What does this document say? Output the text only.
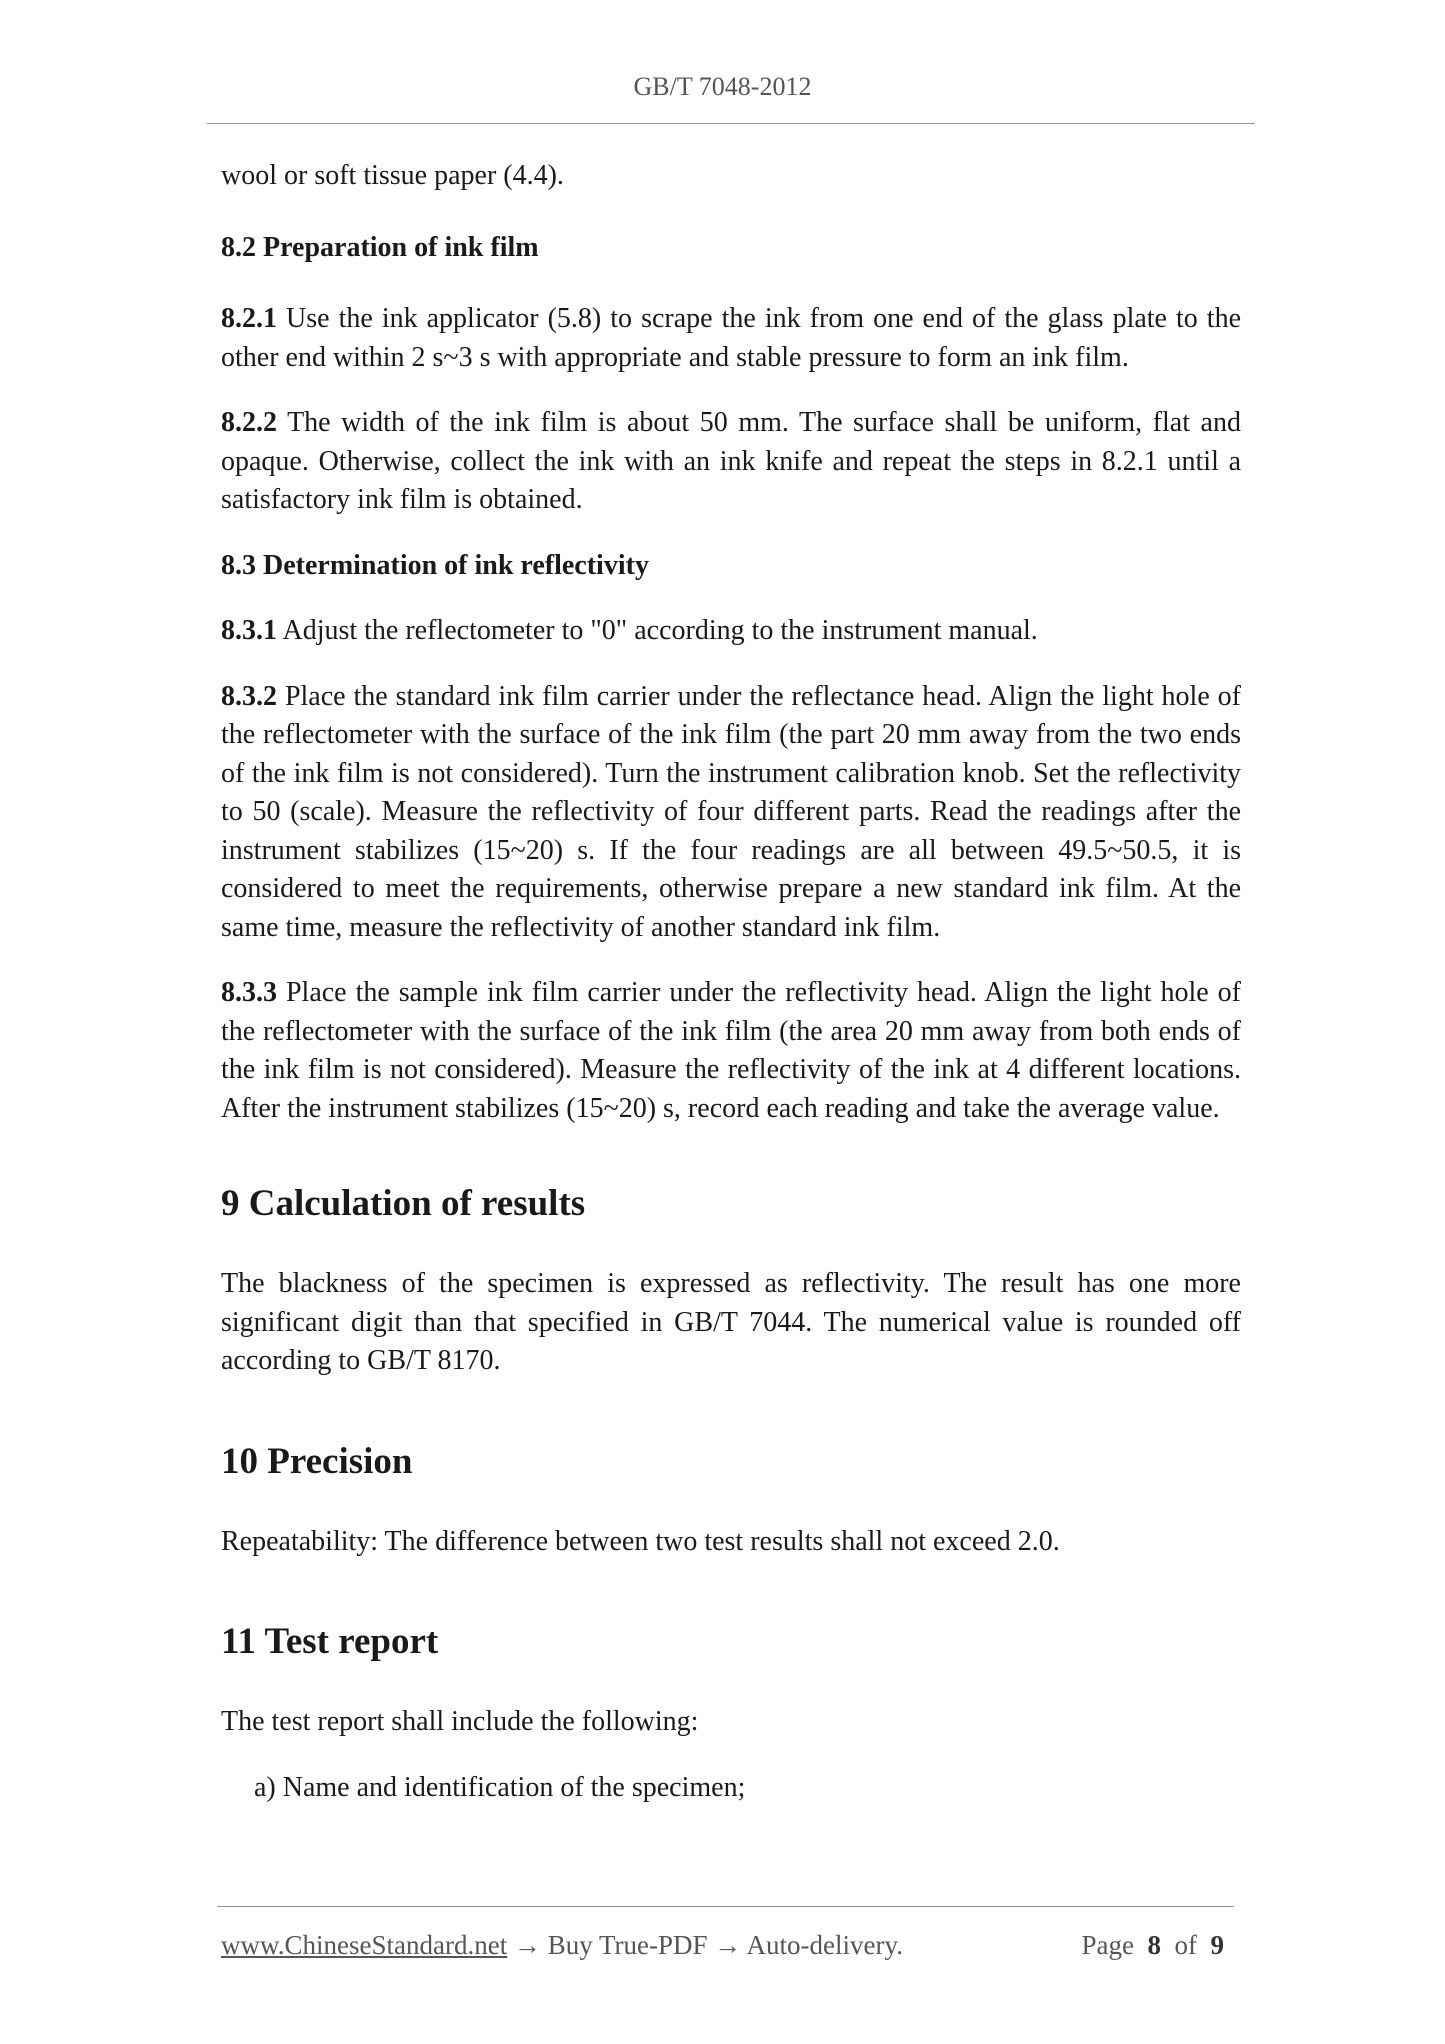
GB/T 7048-2012

wool or soft tissue paper (4.4).

8.2 Preparation of ink film

8.2.1 Use the ink applicator (5.8) to scrape the ink from one end of the glass plate to the other end within 2 s~3 s with appropriate and stable pressure to form an ink film.

8.2.2 The width of the ink film is about 50 mm. The surface shall be uniform, flat and opaque. Otherwise, collect the ink with an ink knife and repeat the steps in 8.2.1 until a satisfactory ink film is obtained.

8.3 Determination of ink reflectivity

8.3.1 Adjust the reflectometer to "0" according to the instrument manual.

8.3.2 Place the standard ink film carrier under the reflectance head. Align the light hole of the reflectometer with the surface of the ink film (the part 20 mm away from the two ends of the ink film is not considered). Turn the instrument calibration knob. Set the reflectivity to 50 (scale). Measure the reflectivity of four different parts. Read the readings after the instrument stabilizes (15~20) s. If the four readings are all between 49.5~50.5, it is considered to meet the requirements, otherwise prepare a new standard ink film. At the same time, measure the reflectivity of another standard ink film.

8.3.3 Place the sample ink film carrier under the reflectivity head. Align the light hole of the reflectometer with the surface of the ink film (the area 20 mm away from both ends of the ink film is not considered). Measure the reflectivity of the ink at 4 different locations. After the instrument stabilizes (15~20) s, record each reading and take the average value.

9 Calculation of results

The blackness of the specimen is expressed as reflectivity. The result has one more significant digit than that specified in GB/T 7044. The numerical value is rounded off according to GB/T 8170.

10 Precision

Repeatability: The difference between two test results shall not exceed 2.0.

11 Test report

The test report shall include the following:

a) Name and identification of the specimen;

www.ChineseStandard.net → Buy True-PDF → Auto-delivery.	Page 8 of 9
